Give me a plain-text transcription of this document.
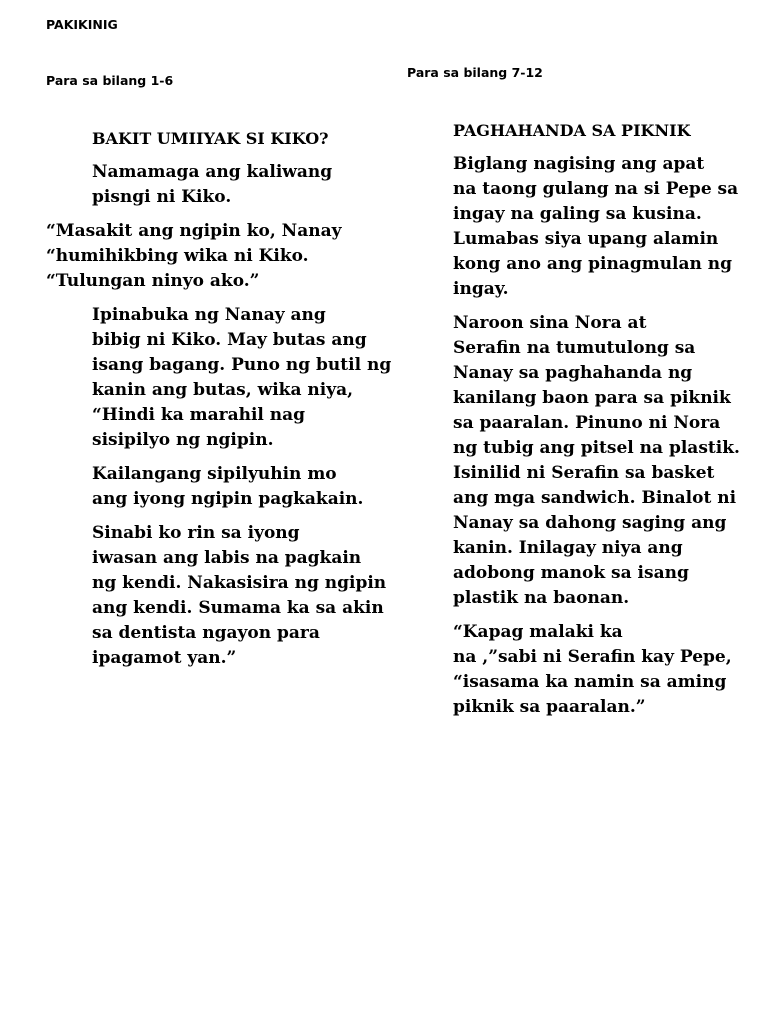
PAKIKINIG
Para sa bilang 1-6
Para sa bilang 7-12
BAKIT UMIIYAK SI KIKO?

Namamaga ang kaliwang
pisngi ni Kiko.

“Masakit ang ngipin ko, Nanay
“humihikbing wika ni Kiko.
“Tulungan ninyo ako.”

Ipinabuka ng Nanay ang
bibig ni Kiko. May butas ang
isang bagang. Puno ng butil ng
kanin ang butas, wika niya,
“Hindi ka marahil nag
sisipilyo ng ngipin.

Kailangang sipilyuhin mo
ang iyong ngipin pagkakain.

Sinabi ko rin sa iyong
iwasan ang labis na pagkain
ng kendi. Nakasisira ng ngipin
ang kendi. Sumama ka sa akin
sa dentista ngayon para
ipagamot yan.”

PAGHAHANDA SA PIKNIK

Biglang nagising ang apat
na taong gulang na si Pepe sa
ingay na galing sa kusina.
Lumabas siya upang alamin
kong ano ang pinagmulan ng
ingay.

Naroon sina Nora at
Serafin na tumutulong sa
Nanay sa paghahanda ng
kanilang baon para sa piknik
sa paaralan. Pinuno ni Nora
ng tubig ang pitsel na plastik.
Isinilid ni Serafin sa basket
ang mga sandwich. Binalot ni
Nanay sa dahong saging ang
kanin. Inilagay niya ang
adobong manok sa isang
plastik na baonan.

“Kapag malaki ka
na ,”sabi ni Serafin kay Pepe,
“isasama ka namin sa aming
piknik sa paaralan.”
